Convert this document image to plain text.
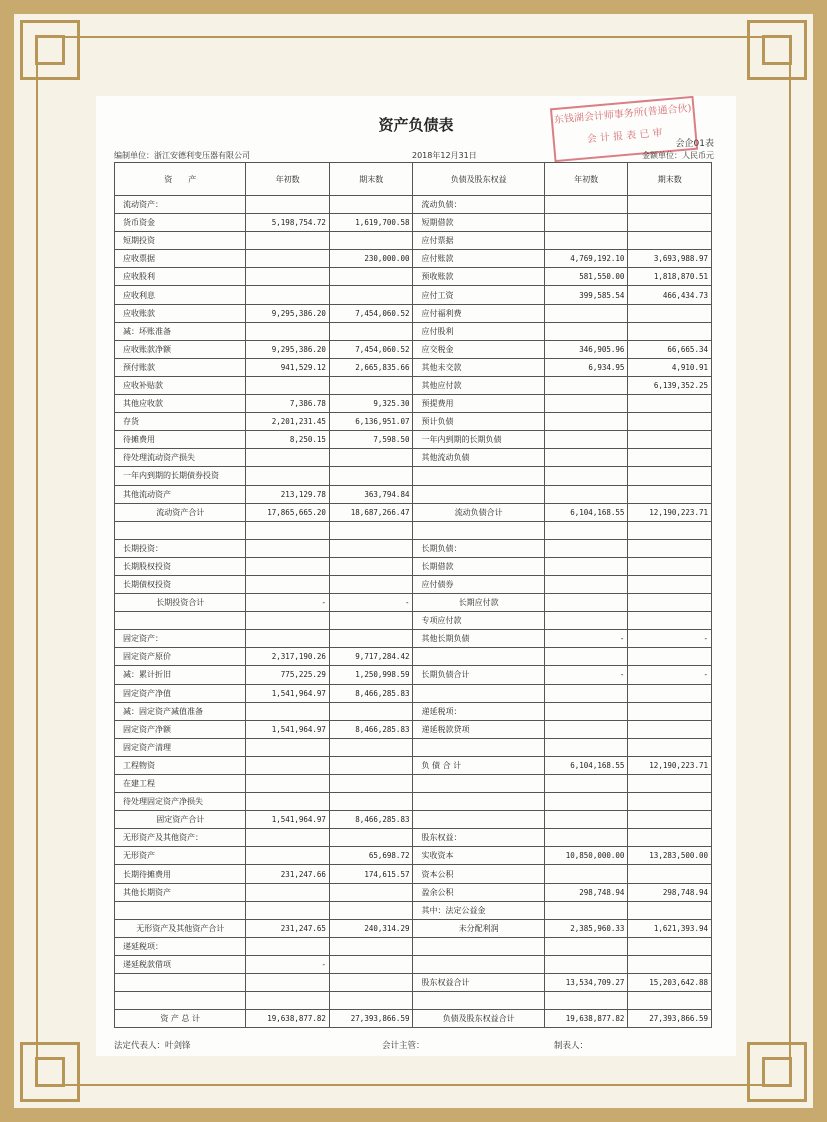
资产负债表
会企01表
东钱湖会计师事务所(普通合伙)
会 计 报 表 已 审
编制单位：浙江安德利变压器有限公司	2018年12月31日	金额单位：人民币元
资　　产	年初数	期末数	负债及股东权益	年初数	期末数
流动资产：			流动负债：		
货币资金	5,198,754.72	1,619,700.58	短期借款		
短期投资			应付票据		
应收票据		230,000.00	应付账款	4,769,192.10	3,693,988.97
应收股利			预收账款	581,550.00	1,818,870.51
应收利息			应付工资	399,585.54	466,434.73
应收账款	9,295,386.20	7,454,060.52	应付福利费		
减：坏账准备			应付股利		
应收账款净额	9,295,386.20	7,454,060.52	应交税金	346,905.96	66,665.34
预付账款	941,529.12	2,665,835.66	其他未交款	6,934.95	4,910.91
应收补贴款			其他应付款		6,139,352.25
其他应收款	7,386.78	9,325.30	预提费用		
存货	2,201,231.45	6,136,951.07	预计负债		
待摊费用	8,250.15	7,598.50	一年内到期的长期负债		
待处理流动资产损失			其他流动负债		
一年内到期的长期债券投资					
其他流动资产	213,129.78	363,794.84			
流动资产合计	17,865,665.20	18,687,266.47	流动负债合计	6,104,168.55	12,190,223.71

长期投资：			长期负债：		
长期股权投资			长期借款		
长期债权投资			应付债券		
长期投资合计	-	-	长期应付款		
			专项应付款		
固定资产：			其他长期负债	-	-
固定资产原价	2,317,190.26	9,717,284.42			
减：累计折旧	775,225.29	1,250,998.59	长期负债合计	-	-
固定资产净值	1,541,964.97	8,466,285.83			
减：固定资产减值准备			递延税项：		
固定资产净额	1,541,964.97	8,466,285.83	递延税款贷项		
固定资产清理					
工程物资			负 债 合 计	6,104,168.55	12,190,223.71
在建工程					
待处理固定资产净损失					
固定资产合计	1,541,964.97	8,466,285.83			
无形资产及其他资产：			股东权益：		
无形资产		65,698.72	实收资本	10,850,000.00	13,283,500.00
长期待摊费用	231,247.66	174,615.57	资本公积		
其他长期资产			盈余公积	298,748.94	298,748.94
			其中：法定公益金		
无形资产及其他资产合计	231,247.65	240,314.29	未分配利润	2,385,960.33	1,621,393.94
递延税项：					
递延税款借项	-				
			股东权益合计	13,534,709.27	15,203,642.88

资 产 总 计	19,638,877.82	27,393,866.59	负债及股东权益合计	19,638,877.82	27,393,866.59
法定代表人：叶剑锋	会计主管：	制表人：
